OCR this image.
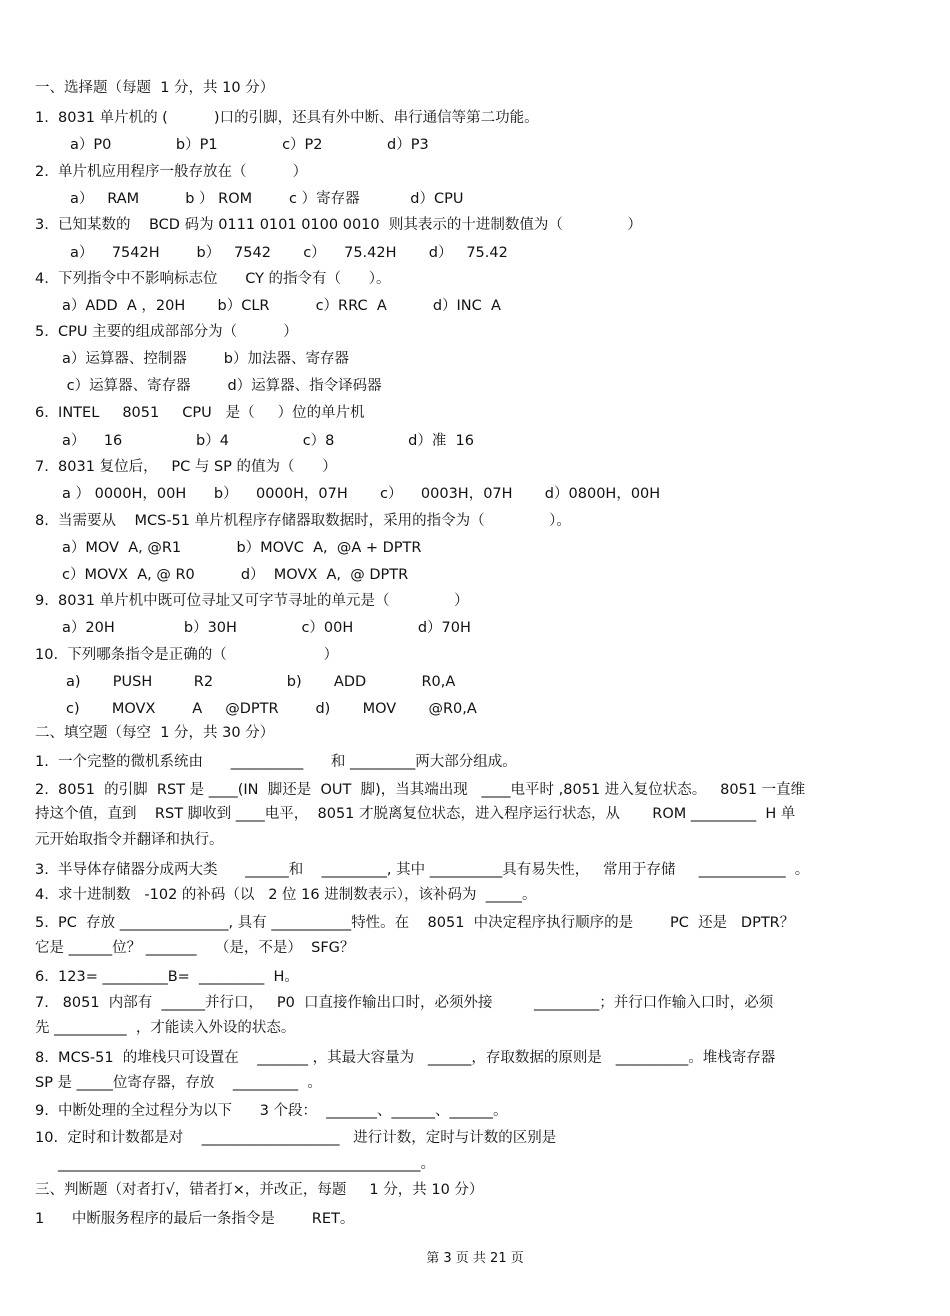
一、选择题（每题  1 分，共 10 分）
1.  8031 单片机的 (          )口的引脚，还具有外中断、串行通信等第二功能。
a）P0              b）P1              c）P2              d）P3
2.  单片机应用程序一般存放在（          ）
a）   RAM          b ） ROM        c ）寄存器           d）CPU
3.  已知某数的    BCD 码为 0111 0101 0100 0010  则其表示的十进制数值为（              ）
a）    7542H        b）   7542       c）    75.42H       d）   75.42
4.  下列指令中不影响标志位      CY 的指令有（      ）。
a）ADD  A ，20H       b）CLR          c）RRC  A          d）INC  A
5.  CPU 主要的组成部部分为（          ）
a）运算器、控制器        b）加法器、寄存器
c）运算器、寄存器        d）运算器、指令译码器
6.  INTEL     8051     CPU   是（     ）位的单片机
a）    16                b）4                c）8                d）准  16
7.  8031 复位后，   PC 与 SP 的值为（      ）
a ） 0000H，00H      b）    0000H，07H       c）    0003H，07H       d）0800H，00H
8.  当需要从    MCS-51 单片机程序存储器取数据时，采用的指令为（              ）。
a）MOV  A, @R1            b）MOVC  A,  @A + DPTR
c）MOVX  A, @ R0          d）  MOVX  A,  @ DPTR
9.  8031 单片机中既可位寻址又可字节寻址的单元是（              ）
a）20H               b）30H              c）00H              d）70H
10.  下列哪条指令是正确的（                     ）
a)       PUSH         R2                b)       ADD            R0,A
c)       MOVX        A     @DPTR        d)       MOV       @R0,A
二、填空题（每空  1 分，共 30 分）
1.  一个完整的微机系统由      __________      和 _________两大部分组成。
2.  8051  的引脚  RST 是 ____(IN  脚还是  OUT  脚)，当其端出现   ____电平时 ,8051 进入复位状态。   8051 一直维
持这个值，直到    RST 脚收到 ____电平，  8051 才脱离复位状态，进入程序运行状态，从       ROM _________  H 单
元开始取指令并翻译和执行。
3.  半导体存储器分成两大类      ______和    _________, 其中 __________具有易失性，   常用于存储     ____________  。
4.  求十进制数   -102 的补码（以   2 位 16 进制数表示），该补码为  _____。
5.  PC  存放 _______________, 具有 ___________特性。在    8051  中决定程序执行顺序的是        PC  还是   DPTR？
它是 ______位？ _______    （是，不是）  SFG？
6.  123= _________B=  _________  H。
7.   8051  内部有  ______并行口，   P0  口直接作输出口时，必须外接         _________；并行口作输入口时，必须
先 __________  ，才能读入外设的状态。
8.  MCS-51  的堆栈只可设置在    _______ ，其最大容量为   ______，存取数据的原则是   __________。堆栈寄存器
SP 是 _____位寄存器，存放    _________  。
9.  中断处理的全过程分为以下      3 个段：  _______、______、______。
10.  定时和计数都是对    ___________________   进行计数，定时与计数的区别是
__________________________________________________。
三、判断题（对者打√，错者打×，并改正，每题     1 分，共 10 分）
1      中断服务程序的最后一条指令是        RET。
第 3 页 共 21 页
